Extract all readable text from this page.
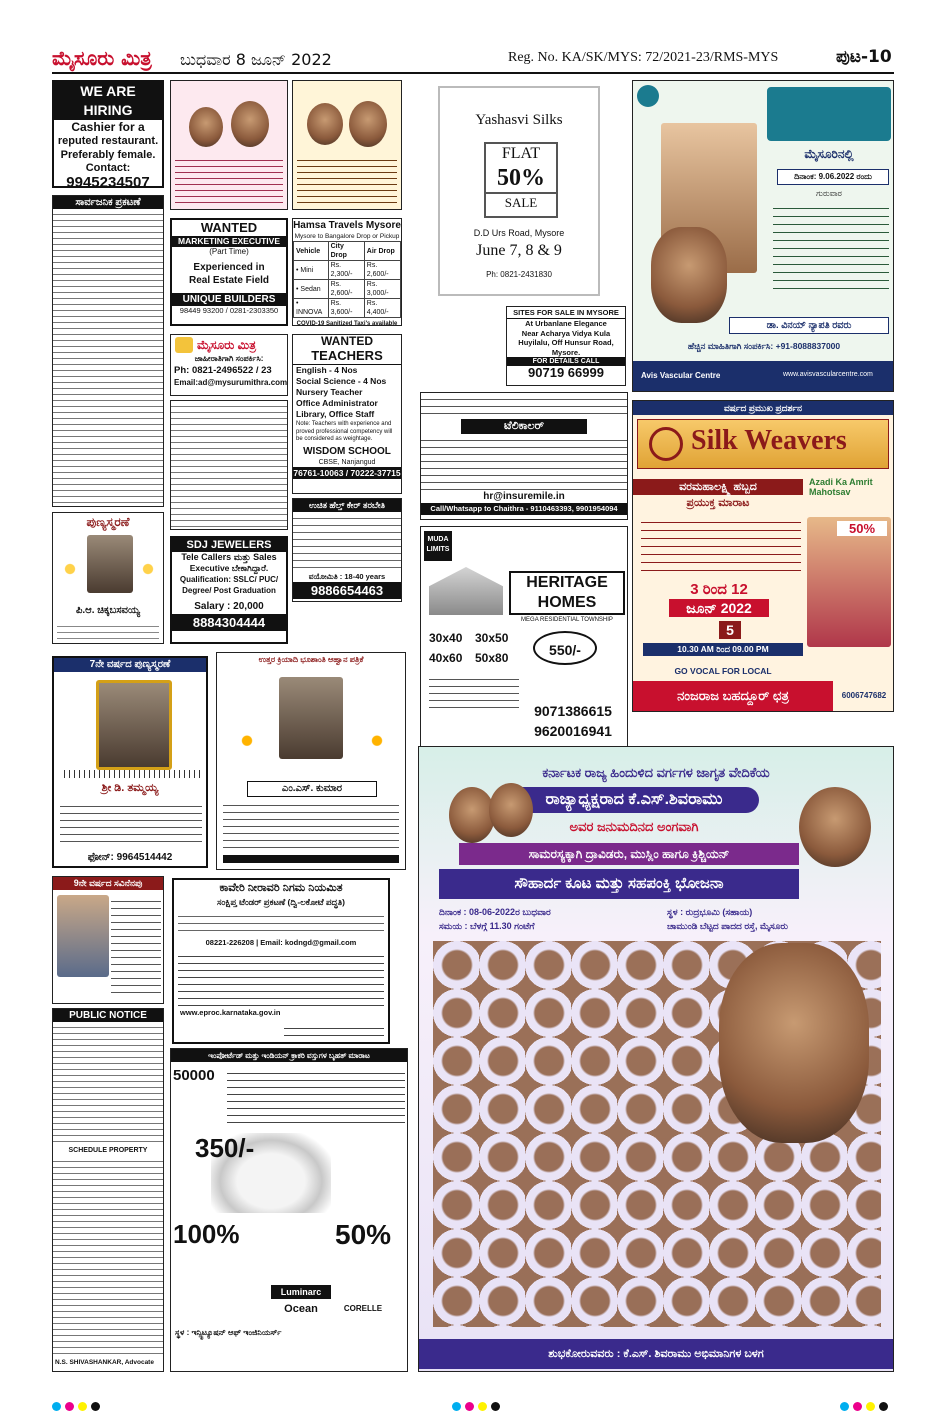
ಮೈಸೂರು ಮಿತ್ರ ಬುಧವಾರ 8 ಜೂನ್ 2022	Reg. No. KA/SK/MYS: 72/2021-23/RMS-MYS	ಪುಟ-10
WE ARE HIRING
Cashier for a
reputed restaurant.
Preferably female.
Contact:
9945234507
ಸಾರ್ವಜನಿಕ ಪ್ರಕಟಣೆ
ಪುಣ್ಯಸ್ಮರಣೆ
ಪಿ.ಆ. ಚಿಕ್ಕಬಸವಯ್ಯ
WANTED
MARKETING EXECUTIVE
(Part Time)
Experienced in
Real Estate Field
UNIQUE BUILDERS
98449 93200 / 0281-2303350
Hamsa Travels Mysore
Mysore to Bangalore Drop or Pickup
Vehicle	City Drop	Air Drop
• Mini	Rs. 2,300/-	Rs. 2,600/-
• Sedan	Rs. 2,600/-	Rs. 3,000/-
• INNOVA	Rs. 3,600/-	Rs. 4,400/-
COVID-19 Sanitized Taxi's available
ಮೈಸೂರು ಮಿತ್ರ
ಜಾಹೀರಾತಿಗಾಗಿ ಸಂಪರ್ಕಿಸಿ:
Ph: 0821-2496522 / 23
Email:ad@mysurumithra.com
WANTED
TEACHERS
English - 4 Nos
Social Science - 4 Nos
Nursery Teacher
Office Administrator
Library, Office Staff
Note: Teachers with experience and proved professional competency will be considered as weightage.
WISDOM SCHOOL
CBSE, Nanjangud
76761-10063 / 70222-37715
SDJ JEWELERS
Tele Callers ಮತ್ತು Sales
Executive ಬೇಕಾಗಿದ್ದಾರೆ.
Qualification: SSLC/ PUC/
Degree/ Post Graduation
Salary : 20,000
8884304444
ಉಚಿತ ಹೆಲ್ತ್ ಕೇರ್ ತರಬೇತಿ
ವಯೋಮಿತಿ : 18-40 years
9886654463
Yashasvi Silks
FLAT
50%
SALE
D.D Urs Road, Mysore
June 7, 8 & 9
Ph: 0821-2431830
SITES FOR SALE IN MYSORE
At Urbanlane Elegance
Near Acharya Vidya Kula
Huyilalu, Off Hunsur Road,
Mysore.
FOR DETAILS CALL
90719 66999
ಟೆಲಿಕಾಲರ್
hr@insuremile.in
Call/Whatsapp to Chaithra - 9110463393, 9901954094
MUDA LIMITS
HERITAGE
HOMES
MEGA RESIDENTIAL TOWNSHIP
30x40 30x50
40x60 50x80	550/-
9071386615
9620016941
ಮೈಸೂರಿನಲ್ಲಿ
ದಿನಾಂಕ: 9.06.2022 ರಂದು
ಗುರುವಾರ
ಡಾ. ವಿನಯ್ ನ್ಯಾಪತಿ ರವರು
ಹೆಚ್ಚಿನ ಮಾಹಿತಿಗಾಗಿ ಸಂಪರ್ಕಿಸಿ: +91-8088837000
Avis Vascular Centre	www.avisvascularcentre.com
ವರ್ಷದ ಪ್ರಮುಖ ಪ್ರದರ್ಶನ
Silk Weavers
ವರಮಹಾಲಕ್ಷ್ಮಿ ಹಬ್ಬದ
ಪ್ರಯುಕ್ತ ಮಾರಾಟ
3 ರಿಂದ 12
ಜೂನ್ 2022
5
10.30 AM ರಿಂದ 09.00 PM
GO VOCAL FOR LOCAL
Azadi Ka Amrit Mahotsav
50%
ನಂಜರಾಜ ಬಹದ್ದೂರ್ ಛತ್ರ	6006747682
7ನೇ ವರ್ಷದ ಪುಣ್ಯಸ್ಮರಣೆ
ಶ್ರೀ ಡಿ. ತಮ್ಮಯ್ಯ
ಫೋನ್: 9964514442
ಉತ್ತರ ಕ್ರಿಯಾದಿ ಭೂಶಾಂತಿ ಆಹ್ವಾನ ಪತ್ರಿಕೆ
ಎಂ.ಎಸ್. ಕುಮಾರ
9ನೇ ವರ್ಷದ ಸವಿನೆನಪು
PUBLIC NOTICE
SCHEDULE PROPERTY
N.S. SHIVASHANKAR, Advocate
ಕಾವೇರಿ ನೀರಾವರಿ ನಿಗಮ ನಿಯಮಿತ
ಸಂಕ್ಷಿಪ್ತ ಟೆಂಡರ್ ಪ್ರಕಟಣೆ (ದ್ವಿ-ಲಕೋಟೆ ಪದ್ಧತಿ)
08221-226208 | Email: kodngd@gmail.com
www.eproc.karnataka.gov.in
ಇಂಪೋರ್ಟೆಡ್ ಮತ್ತು ಇಂಡಿಯನ್ ಕ್ರಾಕರಿ ವಸ್ತುಗಳ ಬೃಹತ್ ಮಾರಾಟ
50000
350/-
100%	50%
Luminarc
Ocean	CORELLE
ಸ್ಥಳ : ಇನ್ಸ್ಟಿಟ್ಯೂಷನ್ ಆಫ್ ಇಂಜಿನಿಯರ್ಸ್
ಕರ್ನಾಟಕ ರಾಜ್ಯ ಹಿಂದುಳಿದ ವರ್ಗಗಳ ಜಾಗೃತ ವೇದಿಕೆಯ
ರಾಜ್ಯಾಧ್ಯಕ್ಷರಾದ ಕೆ.ಎಸ್.ಶಿವರಾಮು
ಅವರ ಜನುಮದಿನದ ಅಂಗವಾಗಿ
ಸಾಮರಸ್ಯಕ್ಕಾಗಿ ದ್ರಾವಿಡರು, ಮುಸ್ಲಿಂ ಹಾಗೂ ಕ್ರಿಶ್ಚಿಯನ್
ಸೌಹಾರ್ದ ಕೂಟ ಮತ್ತು ಸಹಪಂಕ್ತಿ ಭೋಜನಾ
ದಿನಾಂಕ : 08-06-2022ರ ಬುಧವಾರ
ಸಮಯ : ಬೆಳಗ್ಗೆ 11.30 ಗಂಟೆಗೆ
ಸ್ಥಳ : ರುದ್ರಭೂಮಿ (ಸಹಾಯ)
ಚಾಮುಂಡಿ ಬೆಟ್ಟದ ಪಾದದ ರಸ್ತೆ, ಮೈಸೂರು
ಶುಭಕೋರುವವರು : ಕೆ.ಎಸ್. ಶಿವರಾಮು ಅಭಿಮಾನಿಗಳ ಬಳಗ
